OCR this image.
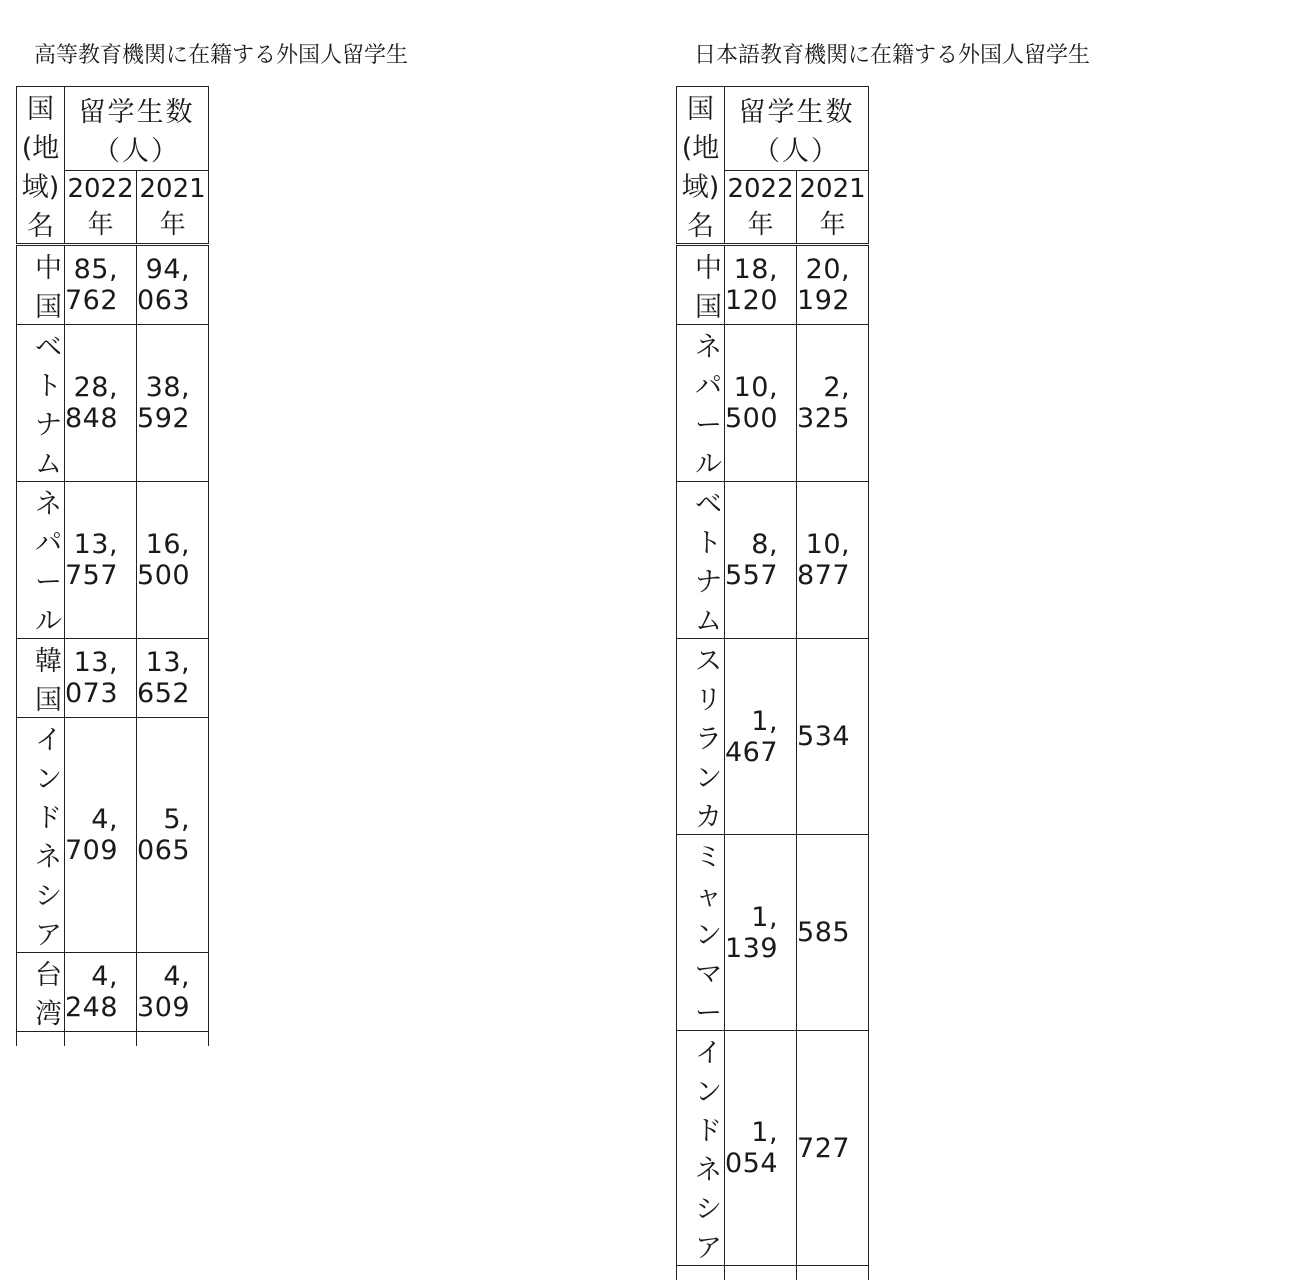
高等教育機関に在籍する外国人留学生
国(地域)名	留学生数（人）	
	2022 年	2021 年
中国	85, 762	94, 063
ベトナム	28, 848	38, 592
ネパール	13, 757	16, 500
韓国	13, 073	13, 652
インドネシア	4, 709	5, 065
台湾	4, 248	4, 309

日本語教育機関に在籍する外国人留学生
国(地域)名	留学生数（人）	
	2022 年	2021 年
中国	18, 120	20, 192
ネパール	10, 500	2, 325
ベトナム	8, 557	10, 877
スリランカ	1, 467	534
ミャンマー	1, 139	585
インドネシア	1, 054	727
